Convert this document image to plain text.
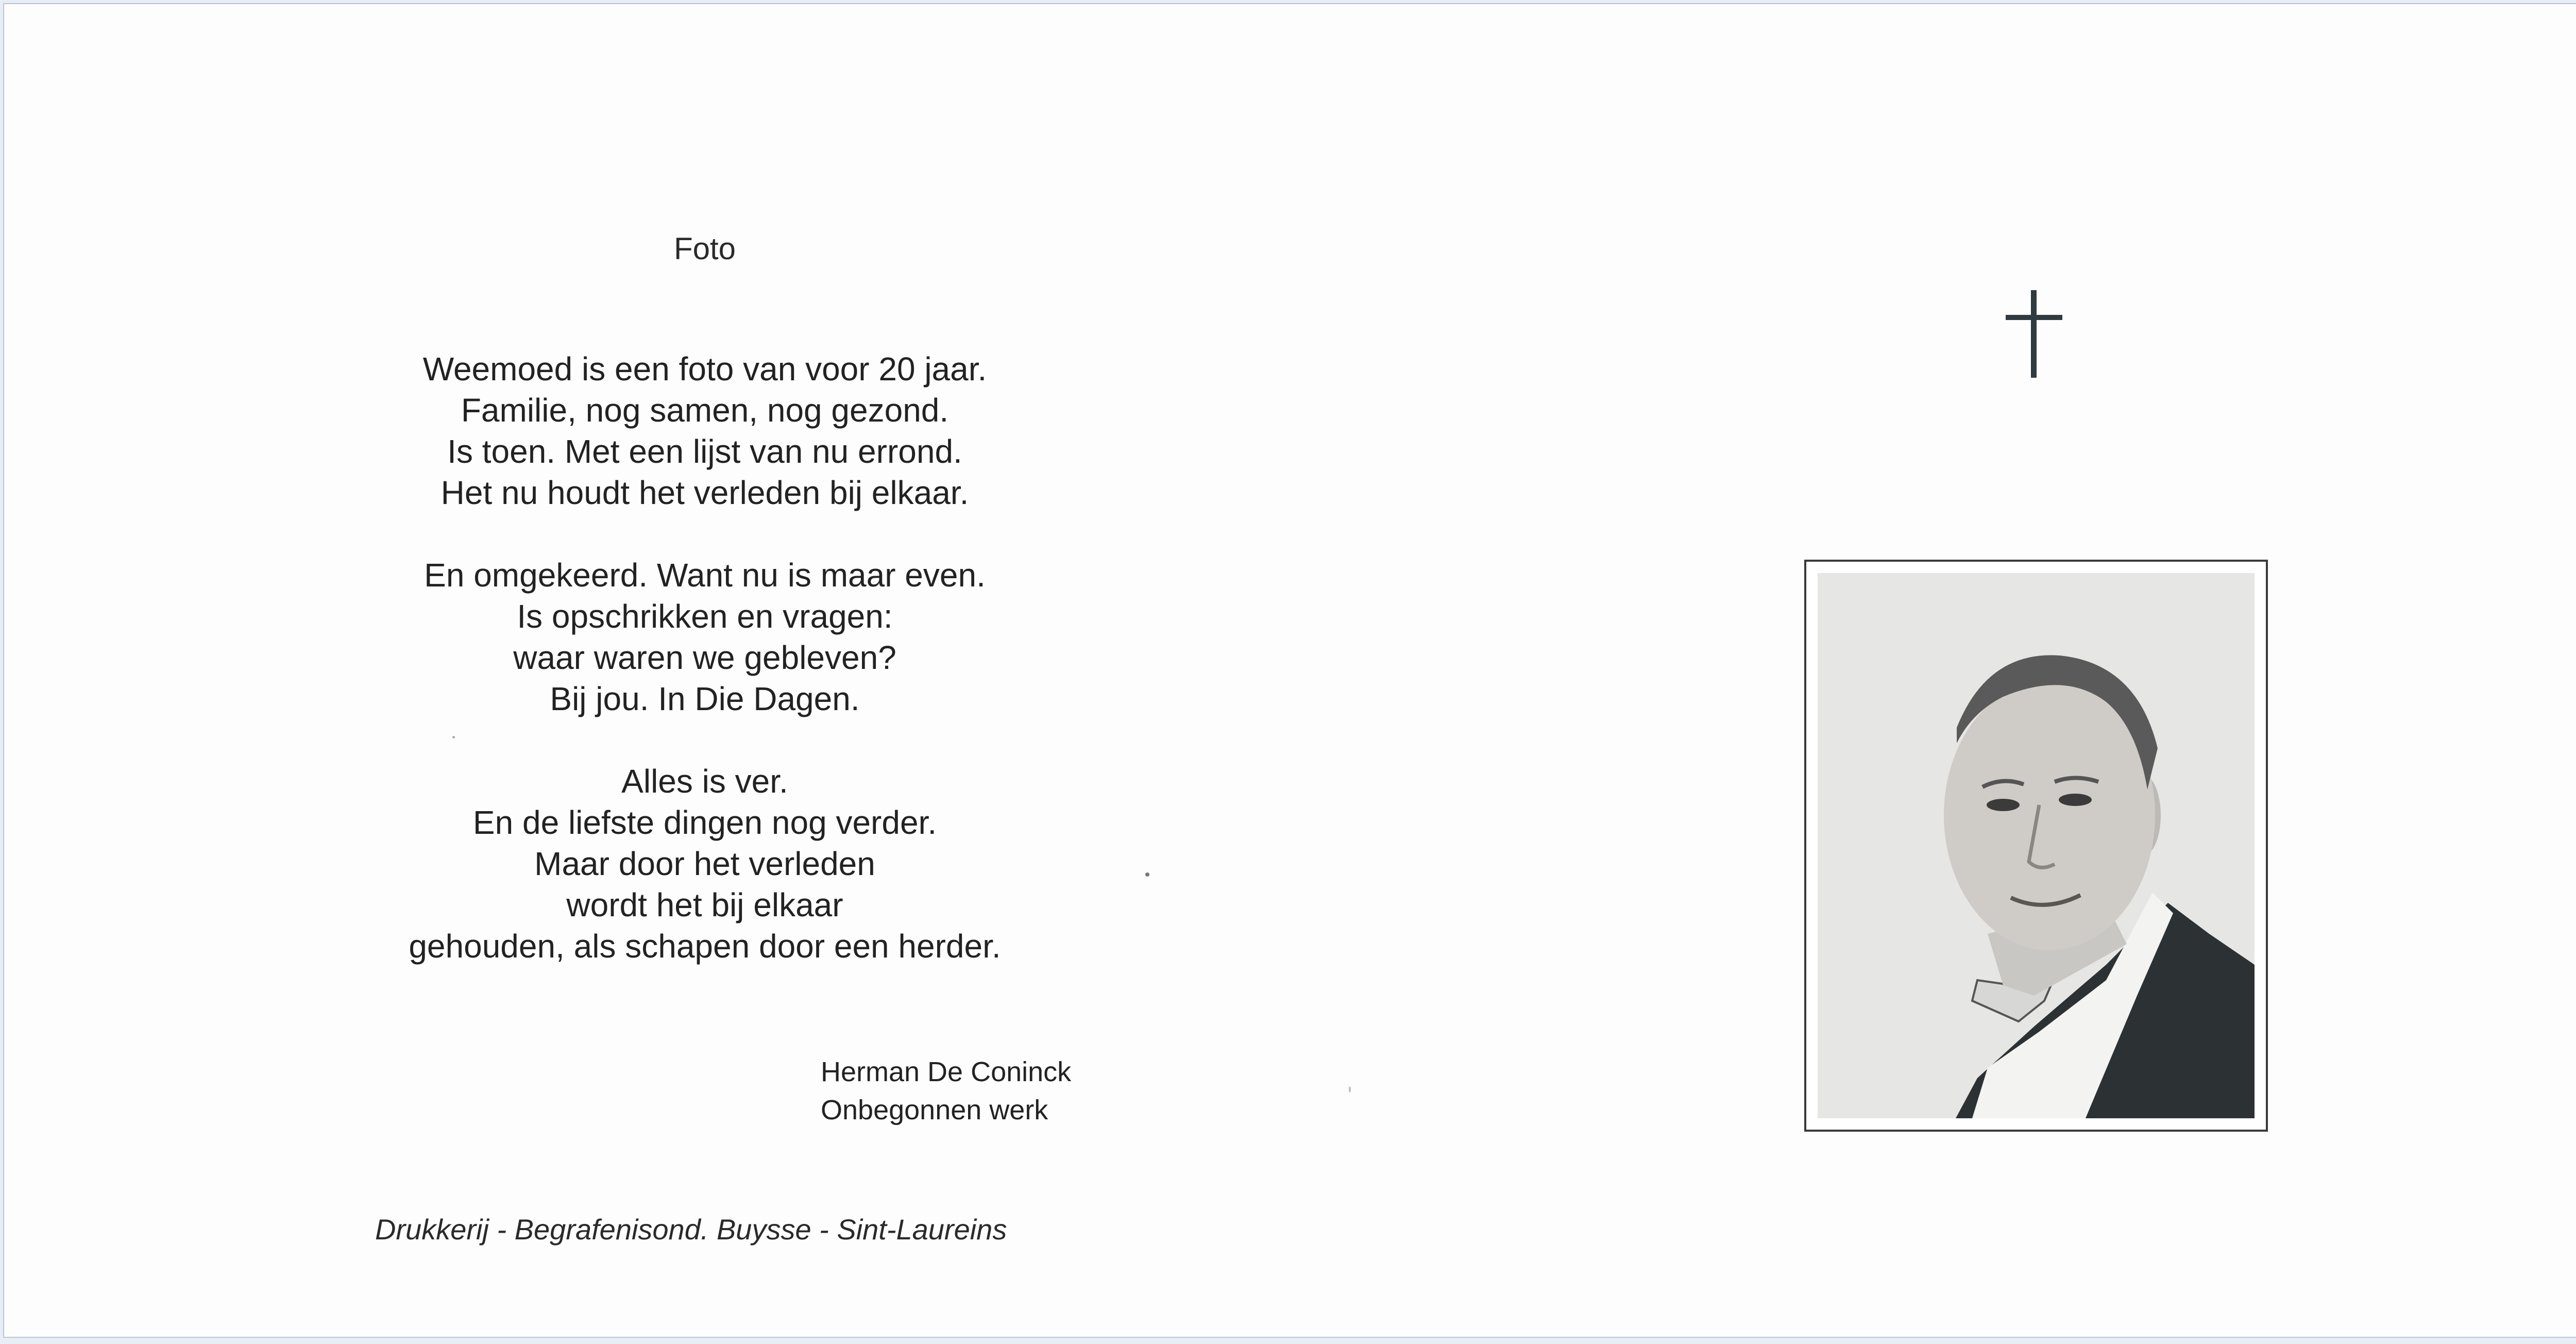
Foto
Weemoed is een foto van voor 20 jaar.
Familie, nog samen, nog gezond.
Is toen. Met een lijst van nu errond.
Het nu houdt het verleden bij elkaar.
En omgekeerd. Want nu is maar even.
Is opschrikken en vragen:
waar waren we gebleven?
Bij jou. In Die Dagen.
Alles is ver.
En de liefste dingen nog verder.
Maar door het verleden
wordt het bij elkaar
gehouden, als schapen door een herder.
Herman De Coninck
Onbegonnen werk
Drukkerij - Begrafenisond. Buysse - Sint-Laureins
